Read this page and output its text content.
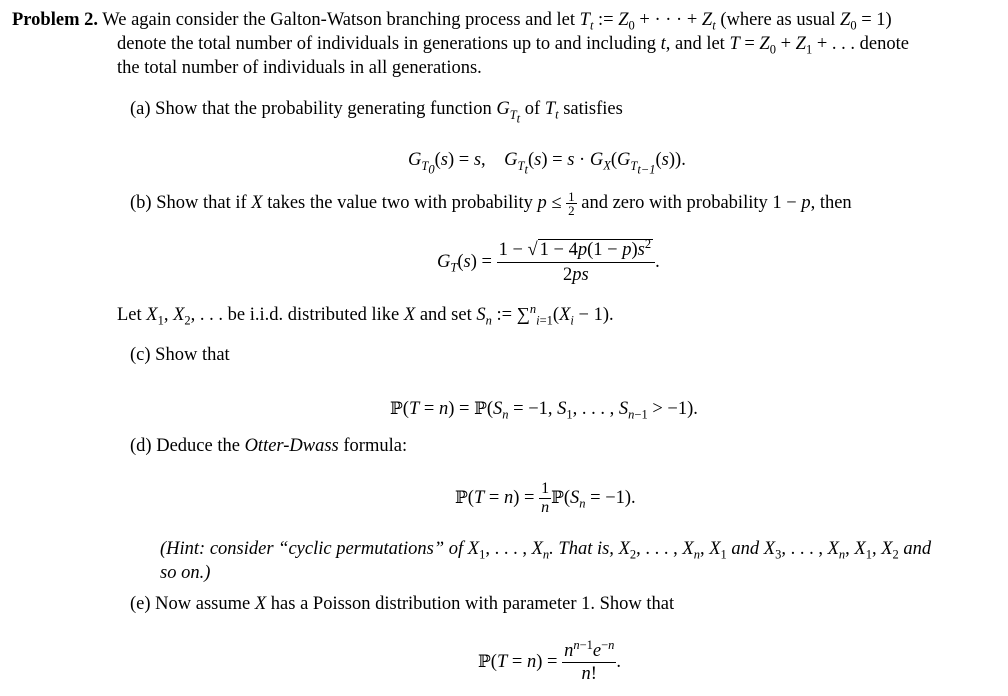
Problem 2. We again consider the Galton-Watson branching process and let $T_t$ := $Z_0$ + · · · + $Z_t$ (where as usual $Z_0 = 1$)
denote the total number of individuals in generations up to and including t, and let $T = Z_0 + Z_1$ + . . . denote
the total number of individuals in all generations.
(a) Show that the probability generating function $G_{T_t}$ of $T_t$ satisfies
$G_{T_0}(s) = s$,    $G_{T_t}(s) = s \cdot G_X(G_{T_{t-1}}(s))$.
(b) Show that if X takes the value two with probability $p \le \frac{1}{2}$ and zero with probability 1 − p, then
$G_T(s) = \frac{1 - √ 1 - 4p(1 - p)s^2}{2ps}$ .
Let $X_1$, $X_2$, . . . be i.i.d. distributed like X and set $S_n$ := $\sum^n_{i=1}(X_i - 1)$.
(c) Show that
ℙ(T = $n) = ℙ(S_n = -1$, $S_1$, . . . , $S_{n-1} > -1$).
(d) Deduce the Otter-Dwass formula:
ℙ(T = $n) = \frac{1}{n}$ $ℙ(S_n = -1)$.
(Hint: consider “cyclic permutations” of $X_1$, . . . , $X_n$. That is, $X_2$, . . . , $X_n$, $X_1$ and $X_3$, . . . , $X_n$, $X_1$, $X_2$ and
so on.)
(e) Now assume X has a Poisson distribution with parameter 1. Show that
ℙ(T = $n) = \frac{n^{n-1}e^{-n}}{n!}$ .
